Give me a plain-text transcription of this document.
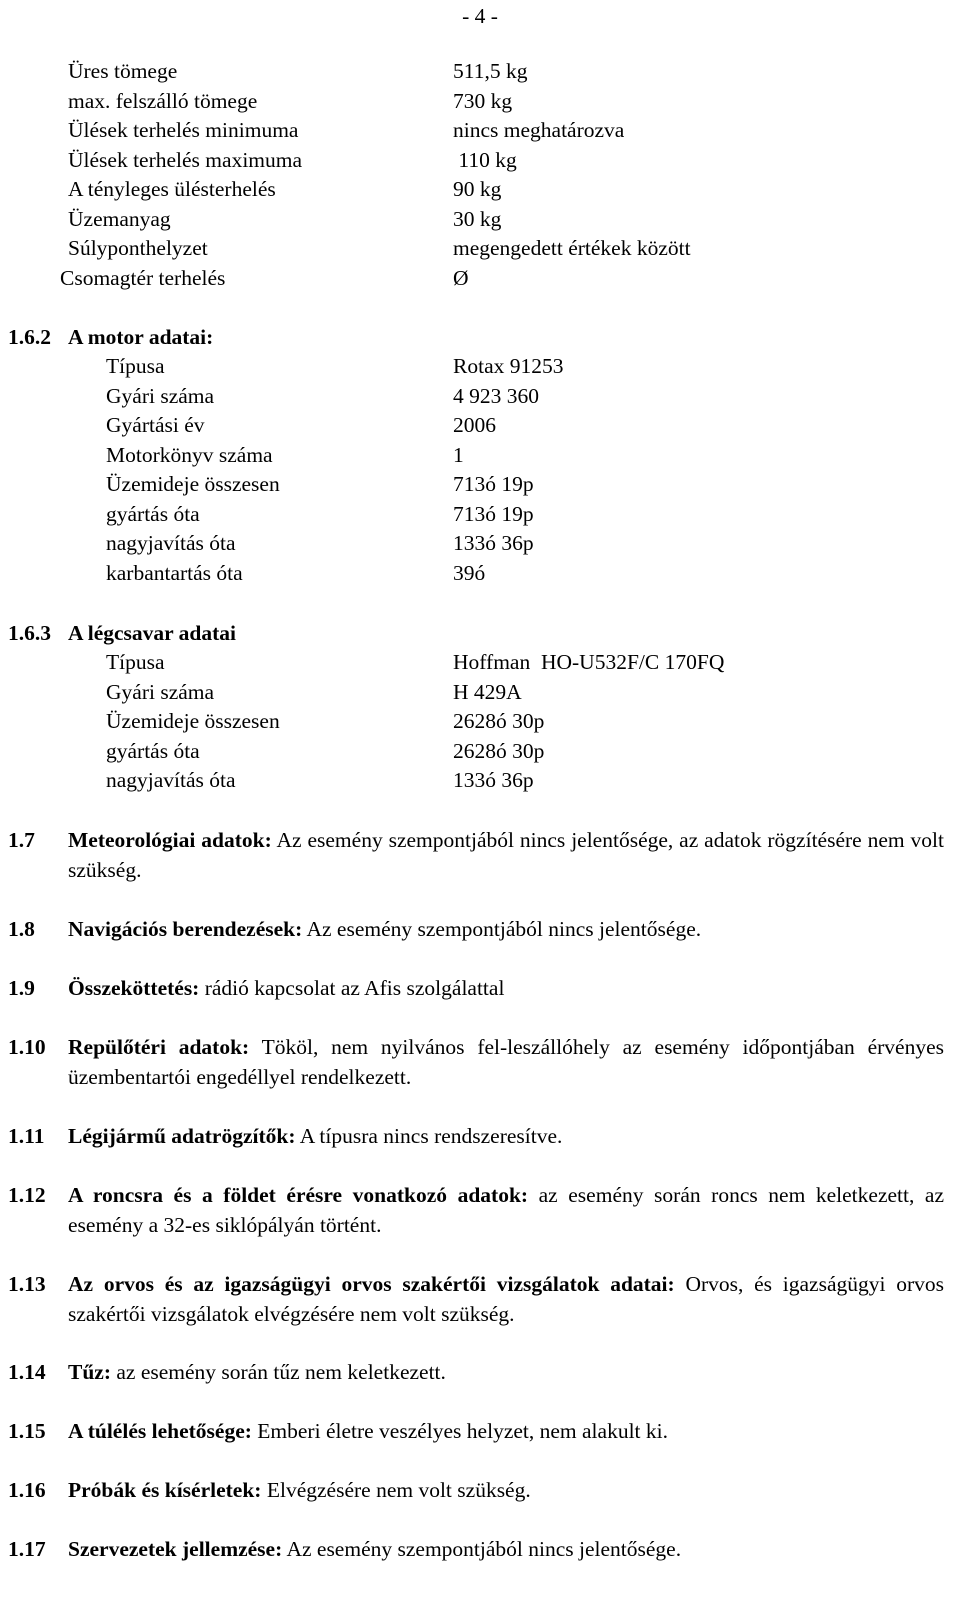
- 4 -
Üres tömege	511,5 kg
max. felszálló tömege	730 kg
Ülések terhelés minimuma	nincs meghatározva
Ülések terhelés maximuma	110 kg
A tényleges ülésterhelés	90 kg
Üzemanyag	30 kg
Súlyponthelyzet	megengedett értékek között
Csomagtér terhelés	Ø
1.6.2 A motor adatai:
Típusa	Rotax 91253
Gyári száma	4 923 360
Gyártási év	2006
Motorkönyv száma	1
Üzemideje összesen	713ó 19p
gyártás óta	713ó 19p
nagyjavítás óta	133ó 36p
karbantartás óta	39ó
1.6.3 A légcsavar adatai
Típusa	Hoffman  HO-U532F/C 170FQ
Gyári száma	H 429A
Üzemideje összesen	2628ó 30p
gyártás óta	2628ó 30p
nagyjavítás óta	133ó 36p
1.7 Meteorológiai adatok: Az esemény szempontjából nincs jelentősége, az adatok rögzítésére nem volt szükség.
1.8 Navigációs berendezések: Az esemény szempontjából nincs jelentősége.
1.9 Összeköttetés: rádió kapcsolat az Afis szolgálattal
1.10 Repülőtéri adatok: Tököl, nem nyilvános fel-leszállóhely az esemény időpontjában érvényes üzembentartói engedéllyel rendelkezett.
1.11 Légijármű adatrögzítők: A típusra nincs rendszeresítve.
1.12 A roncsra és a földet érésre vonatkozó adatok: az esemény során roncs nem keletkezett, az esemény a 32-es siklópályán történt.
1.13 Az orvos és az igazságügyi orvos szakértői vizsgálatok adatai: Orvos, és igazságügyi orvos szakértői vizsgálatok elvégzésére nem volt szükség.
1.14 Tűz: az esemény során tűz nem keletkezett.
1.15 A túlélés lehetősége: Emberi életre veszélyes helyzet, nem alakult ki.
1.16 Próbák és kísérletek: Elvégzésére nem volt szükség.
1.17 Szervezetek jellemzése: Az esemény szempontjából nincs jelentősége.
